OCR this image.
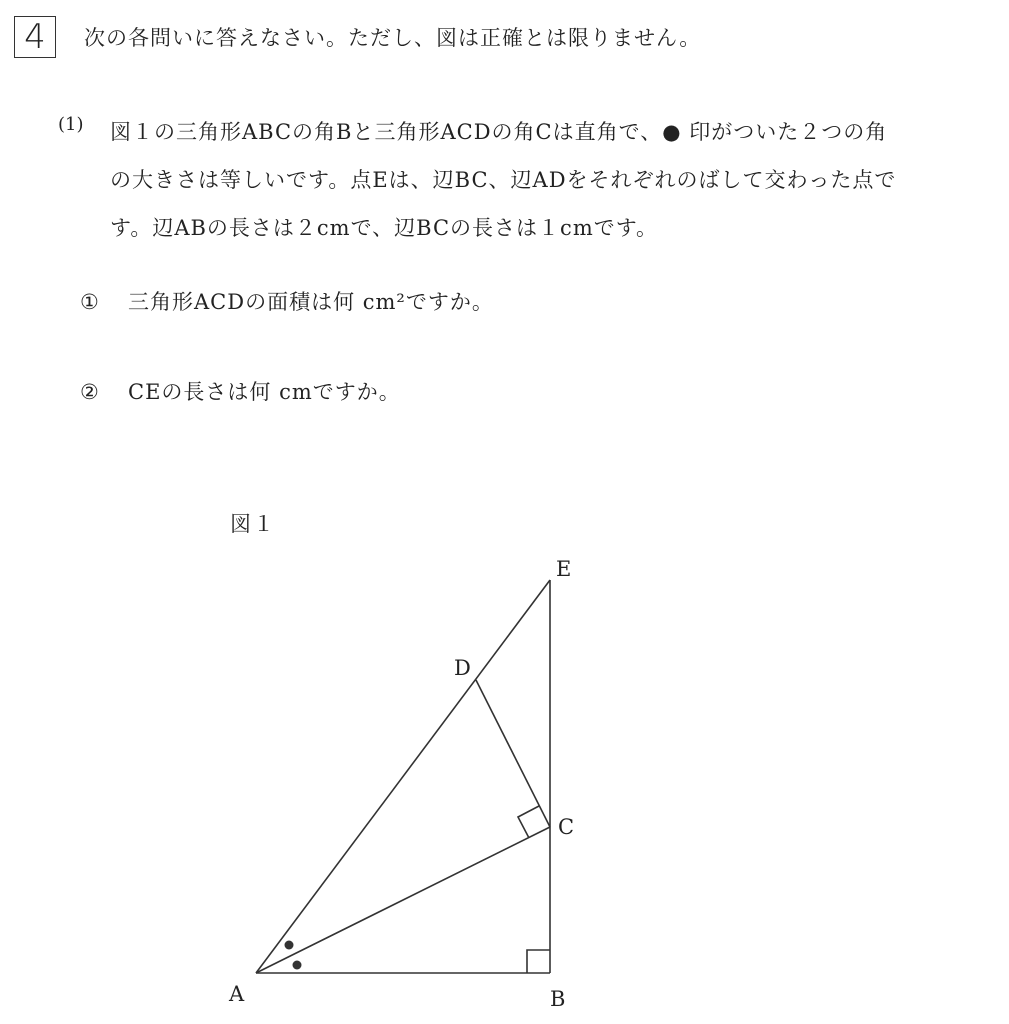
4 次の各問いに答えなさい。ただし、図は正確とは限りません。
(1) 図１の三角形ABCの角Bと三角形ACDの角Cは直角で、● 印がついた２つの角
の大きさは等しいです。点Eは、辺BC、辺ADをそれぞれのばして交わった点で
す。辺ABの長さは２cmで、辺BCの長さは１cmです。
① 三角形ACDの面積は何 cm²ですか。
② CEの長さは何 cmですか。
図１
A	B
C
D
E
